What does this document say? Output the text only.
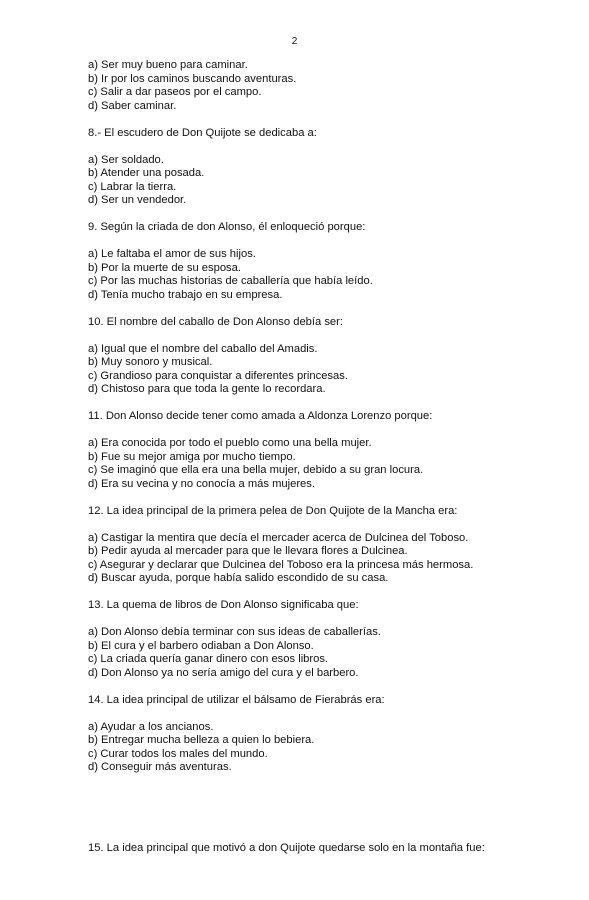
2
a) Ser muy bueno para caminar.
b) Ir por los caminos buscando aventuras.
c) Salir a dar paseos por el campo.
d) Saber caminar.
8.- El escudero de Don Quijote se dedicaba a:
a) Ser soldado.
b) Atender una posada.
c) Labrar la tierra.
d) Ser un vendedor.
9. Según la criada de don Alonso, él enloqueció porque:
a) Le faltaba el amor de sus hijos.
b) Por la muerte de su esposa.
c) Por las muchas historias de caballería que había leído.
d) Tenía mucho trabajo en su empresa.
10. El nombre del caballo de Don Alonso debía ser:
a) Igual que el nombre del caballo del Amadis.
b) Muy sonoro y musical.
c) Grandioso para conquistar a diferentes princesas.
d) Chistoso para que toda la gente lo recordara.
11. Don Alonso decide tener como amada a Aldonza Lorenzo porque:
a) Era conocida por todo el pueblo como una bella mujer.
b) Fue su mejor amiga por mucho tiempo.
c) Se imaginó que ella era una bella mujer, debido a su gran locura.
d) Era su vecina y no conocía a más mujeres.
12. La idea principal de la primera pelea de Don Quijote de la Mancha era:
a) Castigar la mentira que decía el mercader acerca de Dulcinea del Toboso.
b) Pedir ayuda al mercader para que le llevara flores a Dulcinea.
c) Asegurar y declarar que Dulcinea del Toboso era la princesa más hermosa.
d) Buscar ayuda, porque había salido escondido de su casa.
13. La quema de libros de Don Alonso significaba que:
a) Don Alonso debía terminar con sus ideas de caballerías.
b) El cura y el barbero odiaban a Don Alonso.
c) La criada quería ganar dinero con esos libros.
d) Don Alonso ya no sería amigo del cura y el barbero.
14. La idea principal de utilizar el bálsamo de Fierabrás era:
a) Ayudar a los ancianos.
b) Entregar mucha belleza a quien lo bebiera.
c) Curar todos los males del mundo.
d) Conseguir más aventuras.
15. La idea principal que motivó a don Quijote quedarse solo en la montaña fue:
